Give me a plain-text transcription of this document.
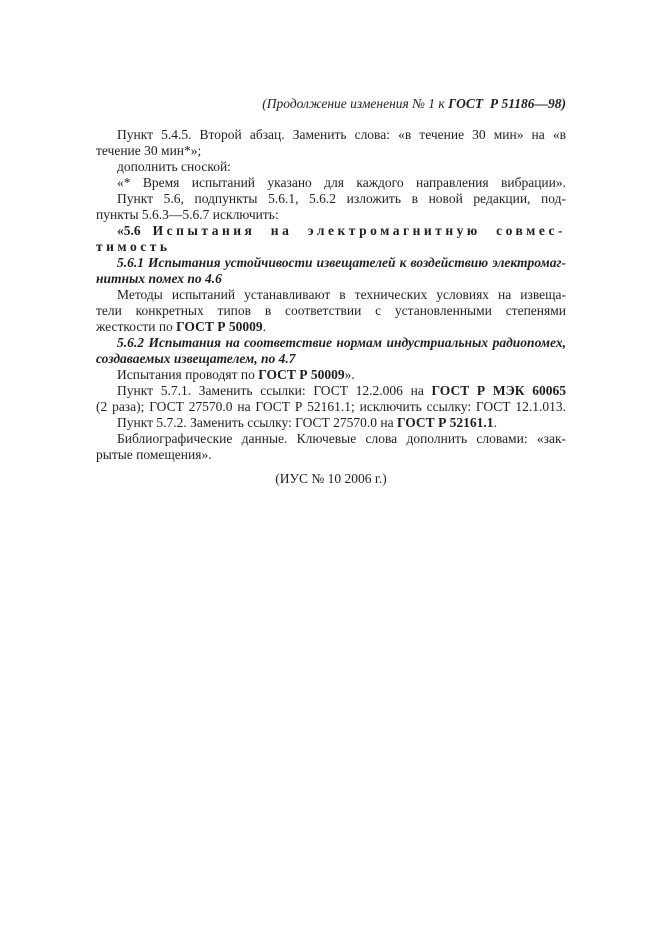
(Продолжение изменения № 1 к ГОСТ  Р 51186—98)
Пункт 5.4.5. Второй абзац. Заменить слова: «в течение 30 мин» на «в
течение 30 мин*»;
дополнить сноской:
«* Время испытаний указано для каждого направления вибрации».
Пункт 5.6, подпункты 5.6.1, 5.6.2 изложить в новой редакции, под-
пункты 5.6.3—5.6.7 исключить:
«5.6 Испытания на электромагнитную совмес-
тимость
5.6.1 Испытания устойчивости извещателей к воздействию электромаг-
нитных помех по 4.6
Методы испытаний устанавливают в технических условиях на извеща-
тели конкретных типов в соответствии с установленными степенями
жесткости по ГОСТ Р 50009.
5.6.2 Испытания на соответствие нормам индустриальных радиопомех,
создаваемых извещателем, по 4.7
Испытания проводят по ГОСТ Р 50009».
Пункт 5.7.1. Заменить ссылки: ГОСТ 12.2.006 на ГОСТ Р МЭК 60065
(2 раза); ГОСТ 27570.0 на ГОСТ Р 52161.1; исключить ссылку: ГОСТ 12.1.013.
Пункт 5.7.2. Заменить ссылку: ГОСТ 27570.0 на ГОСТ Р 52161.1.
Библиографические данные. Ключевые слова дополнить словами: «зак-
рытые помещения».
(ИУС № 10 2006 г.)
